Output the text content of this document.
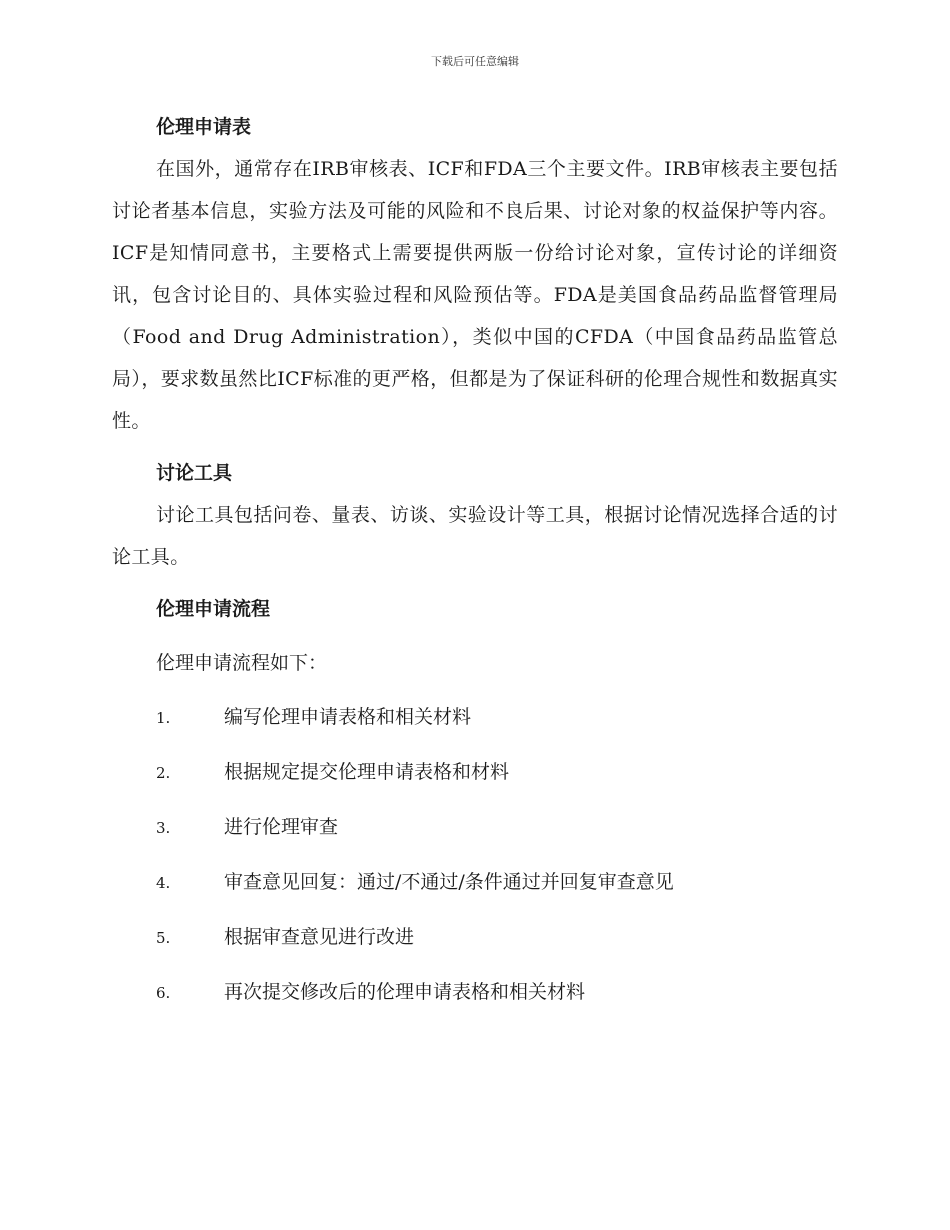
下载后可任意编辑
伦理申请表

在国外，通常存在IRB审核表、ICF和FDA三个主要文件。IRB审核表主要包括讨论者基本信息，实验方法及可能的风险和不良后果、讨论对象的权益保护等内容。ICF是知情同意书，主要格式上需要提供两版一份给讨论对象，宣传讨论的详细资讯，包含讨论目的、具体实验过程和风险预估等。FDA是美国食品药品监督管理局（Food and Drug Administration），类似中国的CFDA（中国食品药品监管总局），要求数虽然比ICF标准的更严格，但都是为了保证科研的伦理合规性和数据真实性。

讨论工具

讨论工具包括问卷、量表、访谈、实验设计等工具，根据讨论情况选择合适的讨论工具。

伦理申请流程

伦理申请流程如下：

1.	编写伦理申请表格和相关材料
2.	根据规定提交伦理申请表格和材料
3.	进行伦理审查
4.	审查意见回复：通过/不通过/条件通过并回复审查意见
5.	根据审查意见进行改进
6.	再次提交修改后的伦理申请表格和相关材料
